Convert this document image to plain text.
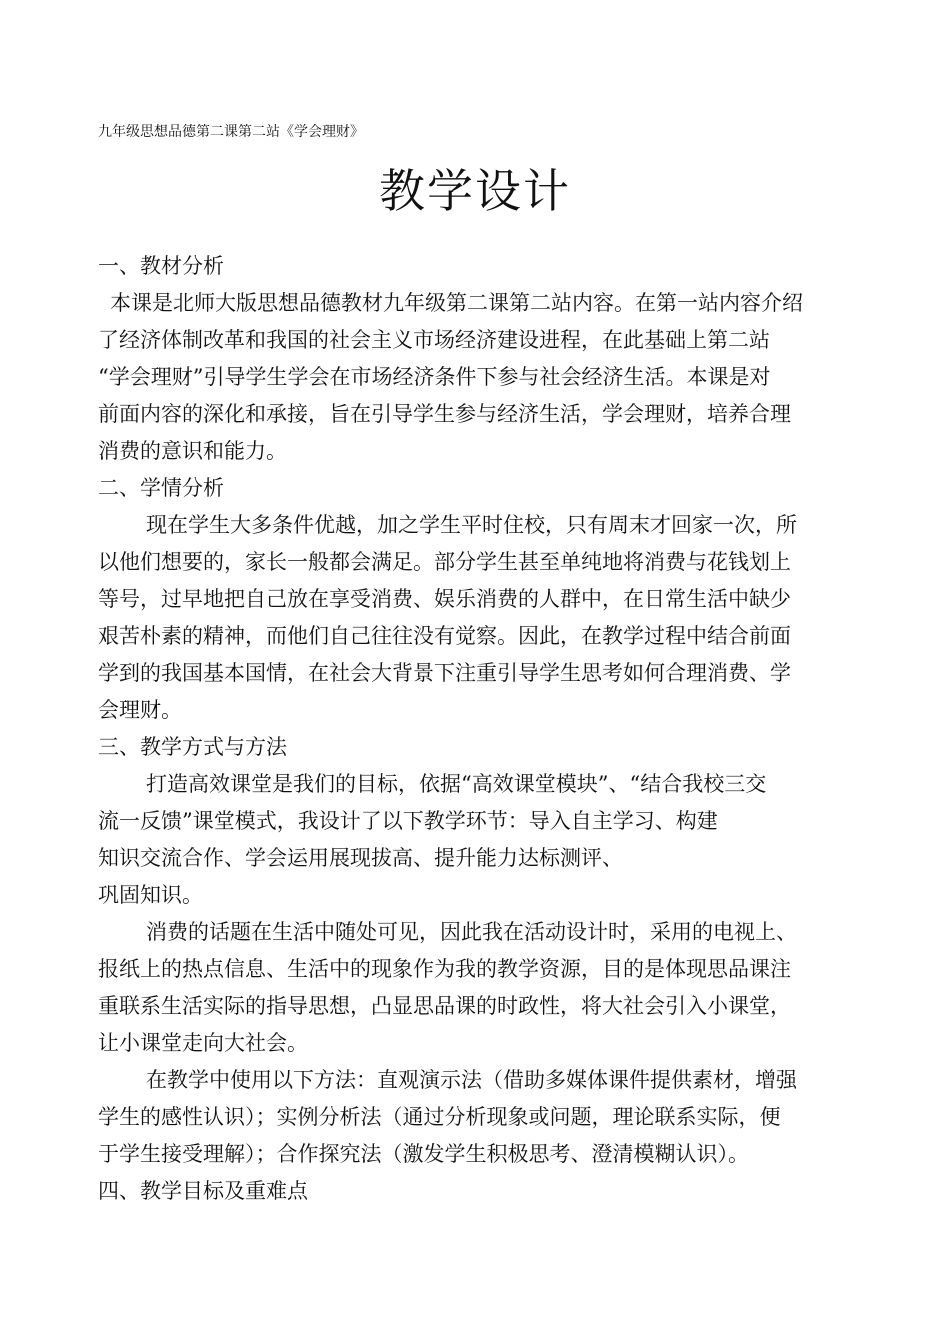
九年级思想品德第二课第二站《学会理财》
教学设计
一、教材分析
本课是北师大版思想品德教材九年级第二课第二站内容。在第一站内容介绍
了经济体制改革和我国的社会主义市场经济建设进程，在此基础上第二站
“学会理财”引导学生学会在市场经济条件下参与社会经济生活。本课是对
前面内容的深化和承接，旨在引导学生参与经济生活，学会理财，培养合理
消费的意识和能力。
二、学情分析
现在学生大多条件优越，加之学生平时住校，只有周末才回家一次，所
以他们想要的，家长一般都会满足。部分学生甚至单纯地将消费与花钱划上
等号，过早地把自己放在享受消费、娱乐消费的人群中，在日常生活中缺少
艰苦朴素的精神，而他们自己往往没有觉察。因此，在教学过程中结合前面
学到的我国基本国情，在社会大背景下注重引导学生思考如何合理消费、学
会理财。
三、教学方式与方法
打造高效课堂是我们的目标，依据“高效课堂模块”、“结合我校三交
流一反馈”课堂模式，我设计了以下教学环节：导入自主学习、构建
知识交流合作、学会运用展现拔高、提升能力达标测评、
巩固知识。
消费的话题在生活中随处可见，因此我在活动设计时，采用的电视上、
报纸上的热点信息、生活中的现象作为我的教学资源，目的是体现思品课注
重联系生活实际的指导思想，凸显思品课的时政性，将大社会引入小课堂，
让小课堂走向大社会。
在教学中使用以下方法：直观演示法（借助多媒体课件提供素材，增强
学生的感性认识）；实例分析法（通过分析现象或问题，理论联系实际，便
于学生接受理解）；合作探究法（激发学生积极思考、澄清模糊认识）。
四、教学目标及重难点
